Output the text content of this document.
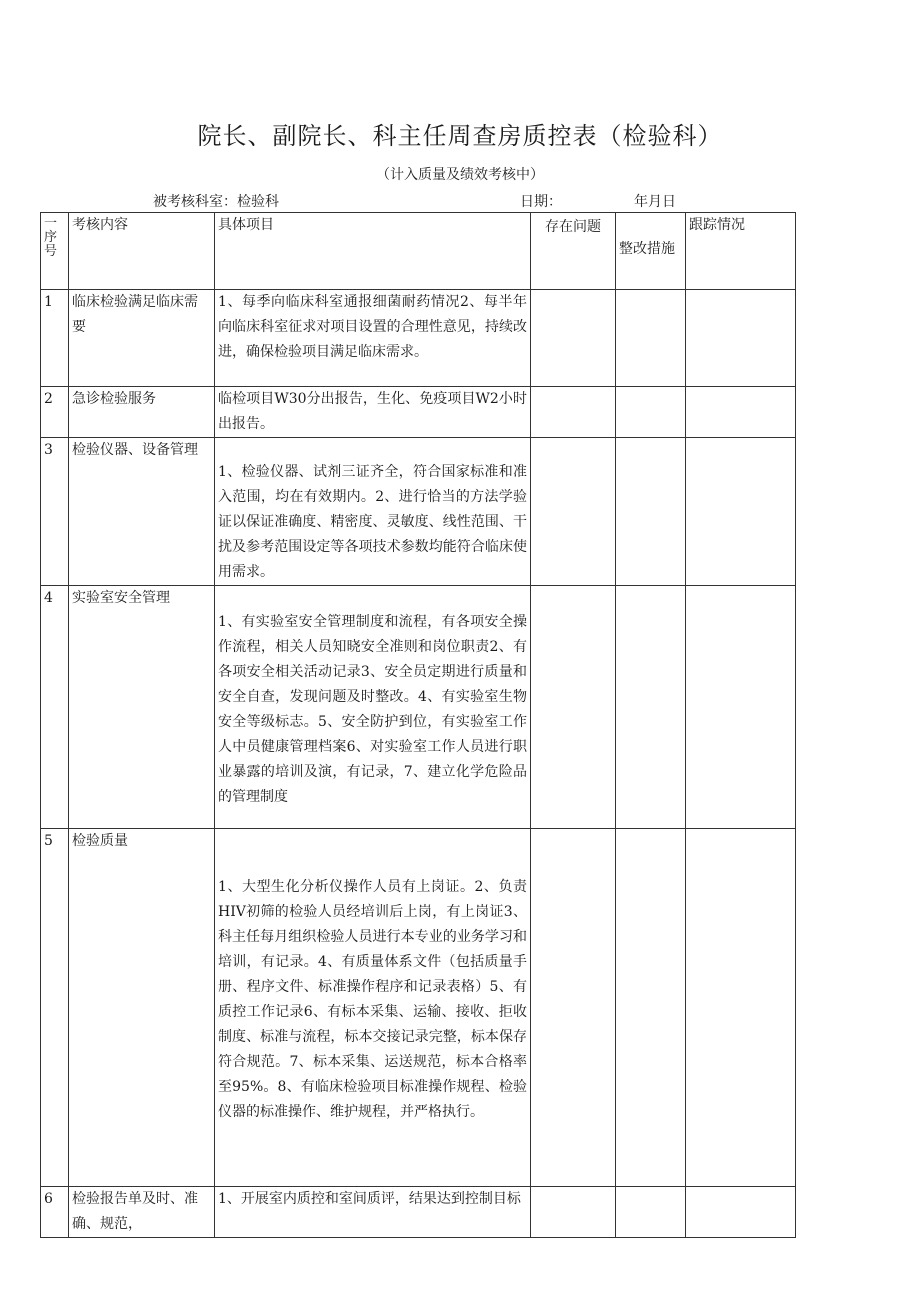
院长、副院长、科主任周查房质控表（检验科）
（计入质量及绩效考核中）
被考核科室：检验科	日期：	年月日
一
序号	考核内容	具体项目	存在问题	整改措施	跟踪情况
1	临床检验满足临床需要	1、每季向临床科室通报细菌耐药情况2、每半年向临床科室征求对项目设置的合理性意见，持续改进，确保检验项目满足临床需求。			
2	急诊检验服务	临检项目W30分出报告，生化、免疫项目W2小时出报告。			
3	检验仪器、设备管理	1、检验仪器、试剂三证齐全，符合国家标准和准入范围，均在有效期内。2、进行恰当的方法学验证以保证准确度、精密度、灵敏度、线性范围、干扰及参考范围设定等各项技术参数均能符合临床使用需求。			
4	实验室安全管理	1、有实验室安全管理制度和流程，有各项安全操作流程，相关人员知晓安全准则和岗位职责2、有各项安全相关活动记录3、安全员定期进行质量和安全自查，发现问题及时整改。4、有实验室生物安全等级标志。5、安全防护到位，有实验室工作人中员健康管理档案6、对实验室工作人员进行职业暴露的培训及演，有记录，7、建立化学危险品的管理制度			
5	检验质量	1、大型生化分析仪操作人员有上岗证。2、负责HIV初筛的检验人员经培训后上岗，有上岗证3、科主任每月组织检验人员进行本专业的业务学习和培训，有记录。4、有质量体系文件（包括质量手册、程序文件、标准操作程序和记录表格）5、有质控工作记录6、有标本采集、运输、接收、拒收制度、标准与流程，标本交接记录完整，标本保存符合规范。7、标本采集、运送规范，标本合格率至95%。8、有临床检验项目标准操作规程、检验仪器的标准操作、维护规程，并严格执行。			
6	检验报告单及时、准确、规范，	1、开展室内质控和室间质评，结果达到控制目标			
